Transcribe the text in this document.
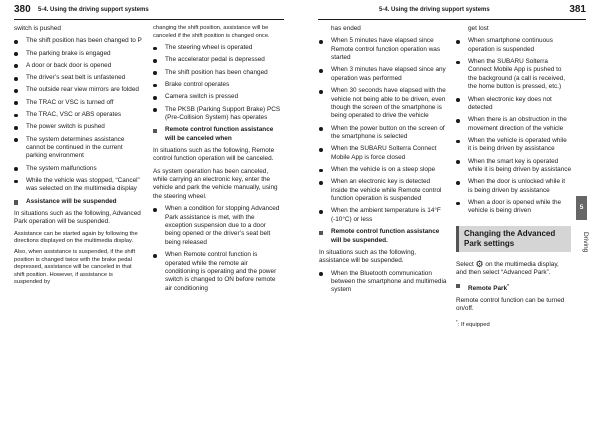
380 5-4. Using the driving support systems	5-4. Using the driving support systems	381
switch is pushed
The shift position has been changed to P
The parking brake is engaged
A door or back door is opened
The driver’s seat belt is unfastened
The outside rear view mirrors are folded
The TRAC or VSC is turned off
The TRAC, VSC or ABS operates
The power switch is pushed
The system determines assistance cannot be continued in the current parking environment
The system malfunctions
While the vehicle was stopped, “Cancel” was selected on the multimedia display
Assistance will be suspended
In situations such as the following, Advanced Park operation will be suspended.
Assistance can be started again by following the directions displayed on the multimedia display.
Also, when assistance is suspended, if the shift position is changed twice with the brake pedal depressed, assistance will be canceled in that shift position. However, if assistance is suspended by
changing the shift position, assistance will be canceled if the shift position is changed once.
The steering wheel is operated
The accelerator pedal is depressed
The shift position has been changed
Brake control operates
Camera switch is pressed
The PKSB (Parking Support Brake) PCS (Pre-Collision System) has operates
Remote control function assistance will be canceled when
In situations such as the following, Remote control function operation will be canceled.
As system operation has been canceled, while carrying an electronic key, enter the vehicle and park the vehicle manually, using the steering wheel.
When a condition for stopping Advanced Park assistance is met, with the exception suspension due to a door being opened or the driver’s seat belt being released
When Remote control function is operated while the remote air conditioning is operating and the power switch is changed to ON before remote air conditioning
has ended
When 5 minutes have elapsed since Remote control function operation was started
When 3 minutes have elapsed since any operation was performed
When 30 seconds have elapsed with the vehicle not being able to be driven, even though the screen of the smartphone is being operated to drive the vehicle
When the power button on the screen of the smartphone is selected
When the SUBARU Solterra Connect Mobile App is force closed
When the vehicle is on a steep slope
When an electronic key is detected inside the vehicle while Remote control function operation is suspended
When the ambient temperature is 14°F (-10°C) or less
Remote control function assistance will be suspended.
In situations such as the following, assistance will be suspended.
When the Bluetooth communication between the smartphone and multimedia system
get lost
When smartphone continuous operation is suspended
When the SUBARU Solterra Connect Mobile App is pushed to the background (a call is received, the home button is pressed, etc.)
When electronic key does not detected
When there is an obstruction in the movement direction of the vehicle
When the vehicle is operated while it is being driven by assistance
When the smart key is operated while it is being driven by assistance
When the door is unlocked while it is being driven by assistance
When a door is opened while the vehicle is being driven
Changing the Advanced Park settings
Select ⚙ on the multimedia display, and then select “Advanced Park”.
Remote Park*
Remote control function can be turned on/off.
*: If equipped
5
Driving
